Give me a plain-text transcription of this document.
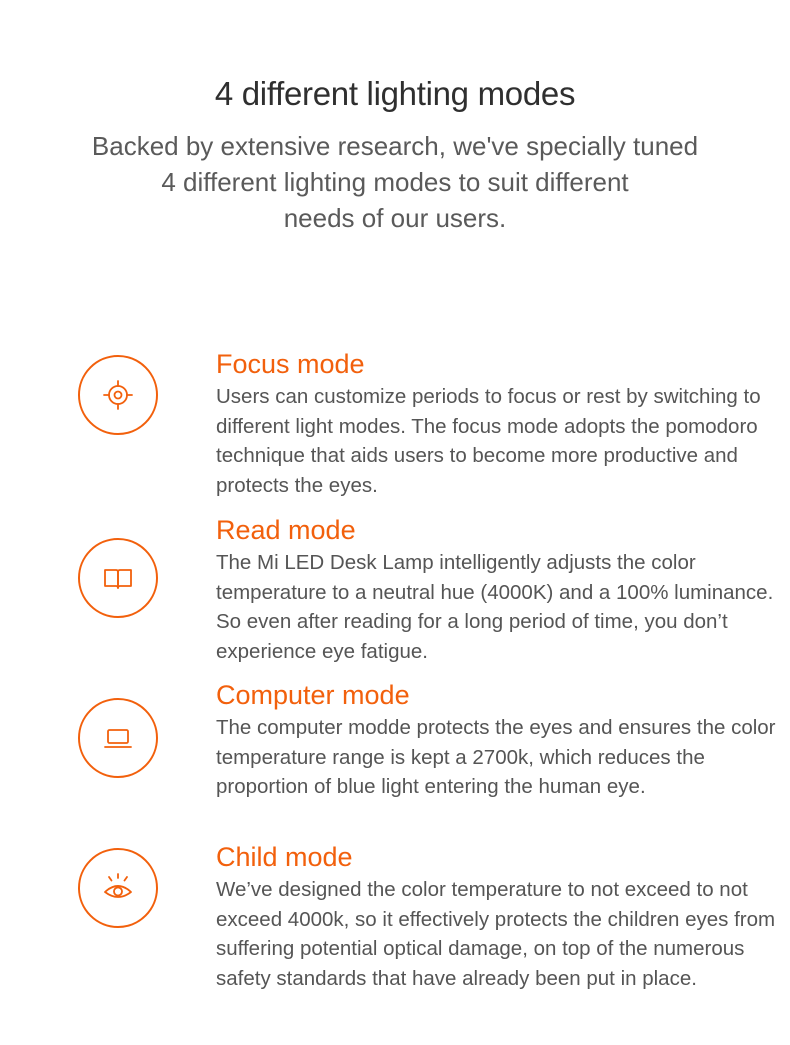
4 different lighting modes

Backed by extensive research, we've specially tuned
4 different lighting modes to suit different
needs of our users.

Focus mode

Users can customize periods to focus or rest by switching to different light modes. The focus mode adopts the pomodoro technique that aids users to become more productive and protects the eyes.

Read mode

The Mi LED Desk Lamp intelligently adjusts the color temperature to a neutral hue (4000K) and a 100% luminance. So even after reading for a long period of time, you don’t experience eye fatigue.

Computer mode

The computer modde protects the eyes and ensures the color temperature range is kept a 2700k, which reduces the proportion of blue light entering the human eye.

Child mode

We’ve designed the color temperature to not exceed to not exceed 4000k, so it effectively protects the children eyes from suffering potential optical damage, on top of the numerous safety standards that have already been put in place.
